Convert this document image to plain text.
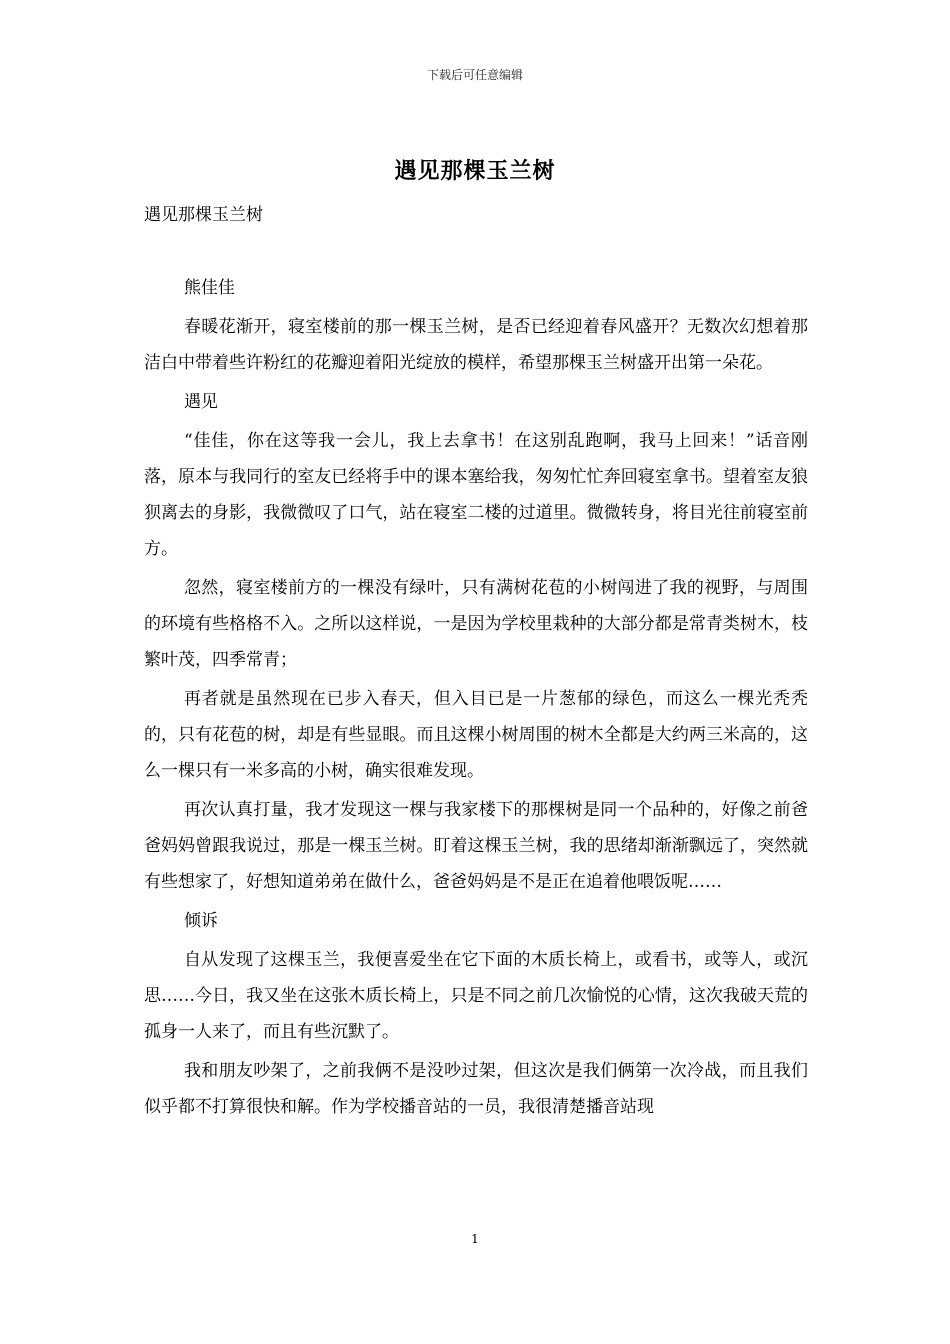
下载后可任意编辑
遇见那棵玉兰树
遇见那棵玉兰树

熊佳佳

春暖花渐开，寝室楼前的那一棵玉兰树，是否已经迎着春风盛开？无数次幻想着那洁白中带着些许粉红的花瓣迎着阳光绽放的模样，希望那棵玉兰树盛开出第一朵花。

遇见

“佳佳，你在这等我一会儿，我上去拿书！在这别乱跑啊，我马上回来！”话音刚落，原本与我同行的室友已经将手中的课本塞给我，匆匆忙忙奔回寝室拿书。望着室友狼狈离去的身影，我微微叹了口气，站在寝室二楼的过道里。微微转身，将目光往前寝室前方。

忽然，寝室楼前方的一棵没有绿叶，只有满树花苞的小树闯进了我的视野，与周围的环境有些格格不入。之所以这样说，一是因为学校里栽种的大部分都是常青类树木，枝繁叶茂，四季常青；

再者就是虽然现在已步入春天，但入目已是一片葱郁的绿色，而这么一棵光秃秃的，只有花苞的树，却是有些显眼。而且这棵小树周围的树木全都是大约两三米高的，这么一棵只有一米多高的小树，确实很难发现。

再次认真打量，我才发现这一棵与我家楼下的那棵树是同一个品种的，好像之前爸爸妈妈曾跟我说过，那是一棵玉兰树。盯着这棵玉兰树，我的思绪却渐渐飘远了，突然就有些想家了，好想知道弟弟在做什么，爸爸妈妈是不是正在追着他喂饭呢……

倾诉

自从发现了这棵玉兰，我便喜爱坐在它下面的木质长椅上，或看书，或等人，或沉思……今日，我又坐在这张木质长椅上，只是不同之前几次愉悦的心情，这次我破天荒的孤身一人来了，而且有些沉默了。

我和朋友吵架了，之前我俩不是没吵过架，但这次是我们俩第一次冷战，而且我们似乎都不打算很快和解。作为学校播音站的一员，我很清楚播音站现

1
